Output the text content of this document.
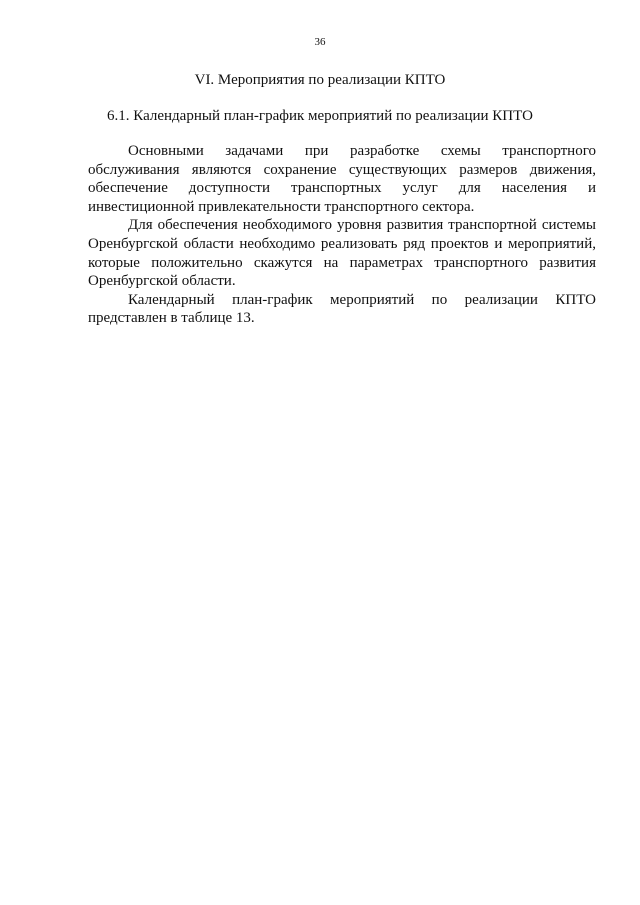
36
VI. Мероприятия по реализации КПТО
6.1. Календарный план-график мероприятий по реализации КПТО

Основными задачами при разработке схемы транспортного обслуживания являются сохранение существующих размеров движения, обеспечение доступности транспортных услуг для населения и инвестиционной привлекательности транспортного сектора.

Для обеспечения необходимого уровня развития транспортной системы Оренбургской области необходимо реализовать ряд проектов и мероприятий, которые положительно скажутся на параметрах транспортного развития Оренбургской области.

Календарный план-график мероприятий по реализации КПТО представлен в таблице 13.
